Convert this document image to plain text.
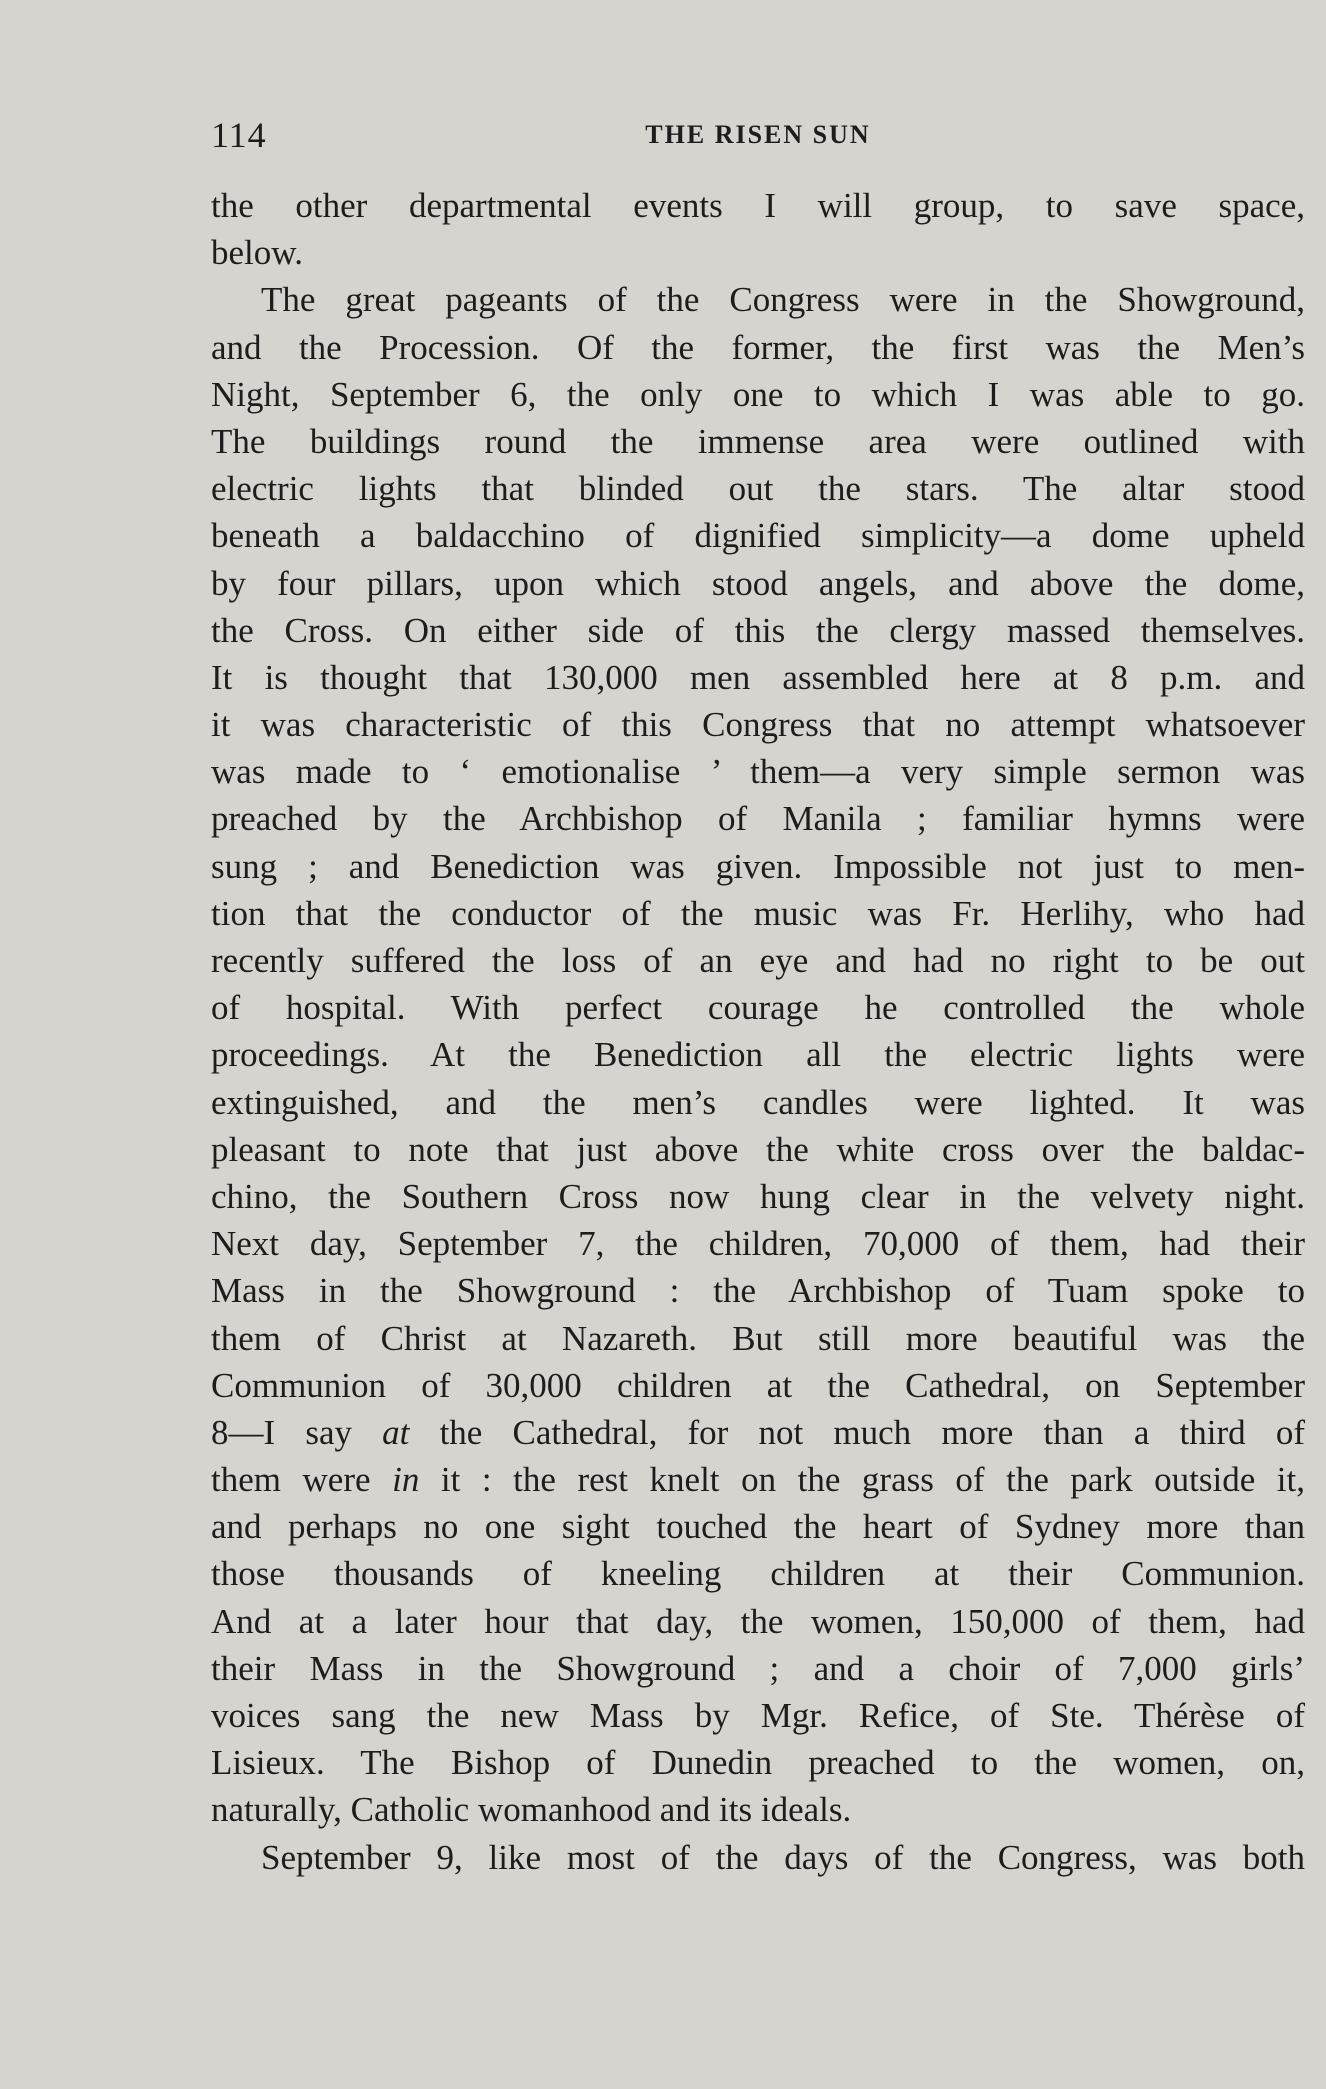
114	THE RISEN SUN
the other departmental events I will group, to save space,
below.
The great pageants of the Congress were in the Showground,
and the Procession. Of the former, the first was the Men’s
Night, September 6, the only one to which I was able to go.
The buildings round the immense area were outlined with
electric lights that blinded out the stars. The altar stood
beneath a baldacchino of dignified simplicity—a dome upheld
by four pillars, upon which stood angels, and above the dome,
the Cross. On either side of this the clergy massed themselves.
It is thought that 130,000 men assembled here at 8 p.m. and
it was characteristic of this Congress that no attempt whatsoever
was made to ‘ emotionalise ’ them—a very simple sermon was
preached by the Archbishop of Manila ; familiar hymns were
sung ; and Benediction was given. Impossible not just to men-
tion that the conductor of the music was Fr. Herlihy, who had
recently suffered the loss of an eye and had no right to be out
of hospital. With perfect courage he controlled the whole
proceedings. At the Benediction all the electric lights were
extinguished, and the men’s candles were lighted. It was
pleasant to note that just above the white cross over the baldac-
chino, the Southern Cross now hung clear in the velvety night.
Next day, September 7, the children, 70,000 of them, had their
Mass in the Showground : the Archbishop of Tuam spoke to
them of Christ at Nazareth. But still more beautiful was the
Communion of 30,000 children at the Cathedral, on September
8—I say at the Cathedral, for not much more than a third of
them were in it : the rest knelt on the grass of the park outside it,
and perhaps no one sight touched the heart of Sydney more than
those thousands of kneeling children at their Communion.
And at a later hour that day, the women, 150,000 of them, had
their Mass in the Showground ; and a choir of 7,000 girls’
voices sang the new Mass by Mgr. Refice, of Ste. Thérèse of
Lisieux. The Bishop of Dunedin preached to the women, on,
naturally, Catholic womanhood and its ideals.
September 9, like most of the days of the Congress, was both
